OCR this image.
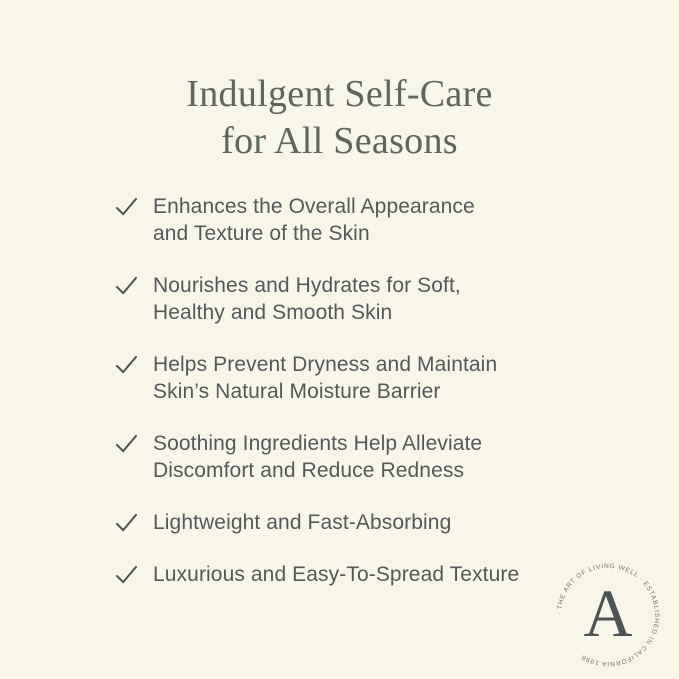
Indulgent Self-Care
for All Seasons
Enhances the Overall Appearance
and Texture of the Skin
Nourishes and Hydrates for Soft,
Healthy and Smooth Skin
Helps Prevent Dryness and Maintain
Skin’s Natural Moisture Barrier
Soothing Ingredients Help Alleviate
Discomfort and Reduce Redness
Lightweight and Fast-Absorbing
Luxurious and Easy-To-Spread Texture
· THE ART OF LIVING WELL · ESTABLISHED IN CALIFORNIA 1998
A
